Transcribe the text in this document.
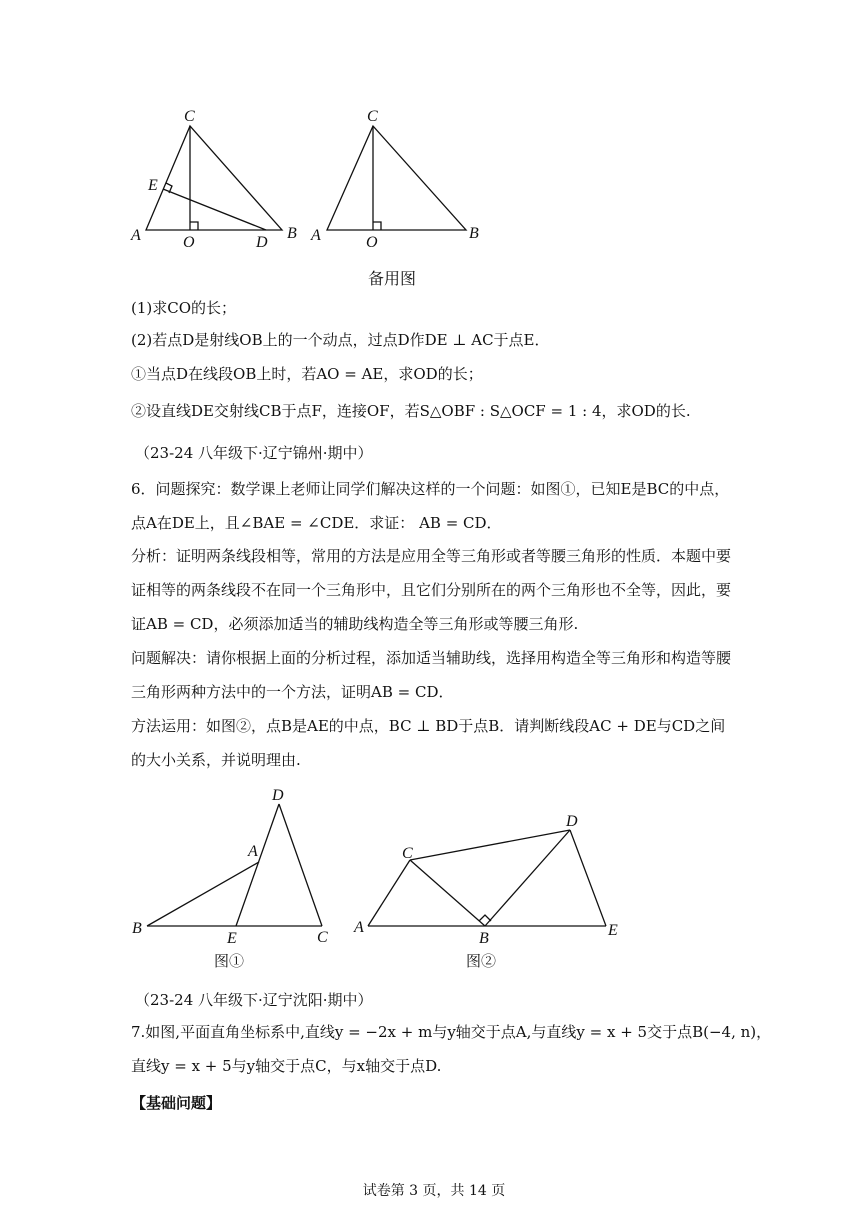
C
E
A	O	D
B
C
A	O
B
备用图
(1)求CO的长；
(2)若点D是射线OB上的一个动点，过点D作DE ⊥ AC于点E．
①当点D在线段OB上时，若AO = AE，求OD的长；
②设直线DE交射线CB于点F，连接OF，若S△OBF : S△OCF = 1 : 4，求OD的长.
（23-24 八年级下·辽宁锦州·期中）
6．问题探究：数学课上老师让同学们解决这样的一个问题：如图①，已知E是BC的中点，
点A在DE上，且∠BAE = ∠CDE．求证： AB = CD．
分析：证明两条线段相等，常用的方法是应用全等三角形或者等腰三角形的性质．本题中要
证相等的两条线段不在同一个三角形中，且它们分别所在的两个三角形也不全等，因此，要
证AB = CD，必须添加适当的辅助线构造全等三角形或等腰三角形.
问题解决：请你根据上面的分析过程，添加适当辅助线，选择用构造全等三角形和构造等腰
三角形两种方法中的一个方法，证明AB = CD．
方法运用：如图②，点B是AE的中点，BC ⊥ BD于点B．请判断线段AC + DE与CD之间
的大小关系，并说明理由.
D
A
B
E	C
D
C
A
B	E
图①	图②
（23-24 八年级下·辽宁沈阳·期中）
7.如图,平面直角坐标系中,直线y = −2x + m与y轴交于点A,与直线y = x + 5交于点B(−4, n)，
直线y = x + 5与y轴交于点C，与x轴交于点D.
【基础问题】
试卷第 3 页，共 14 页
